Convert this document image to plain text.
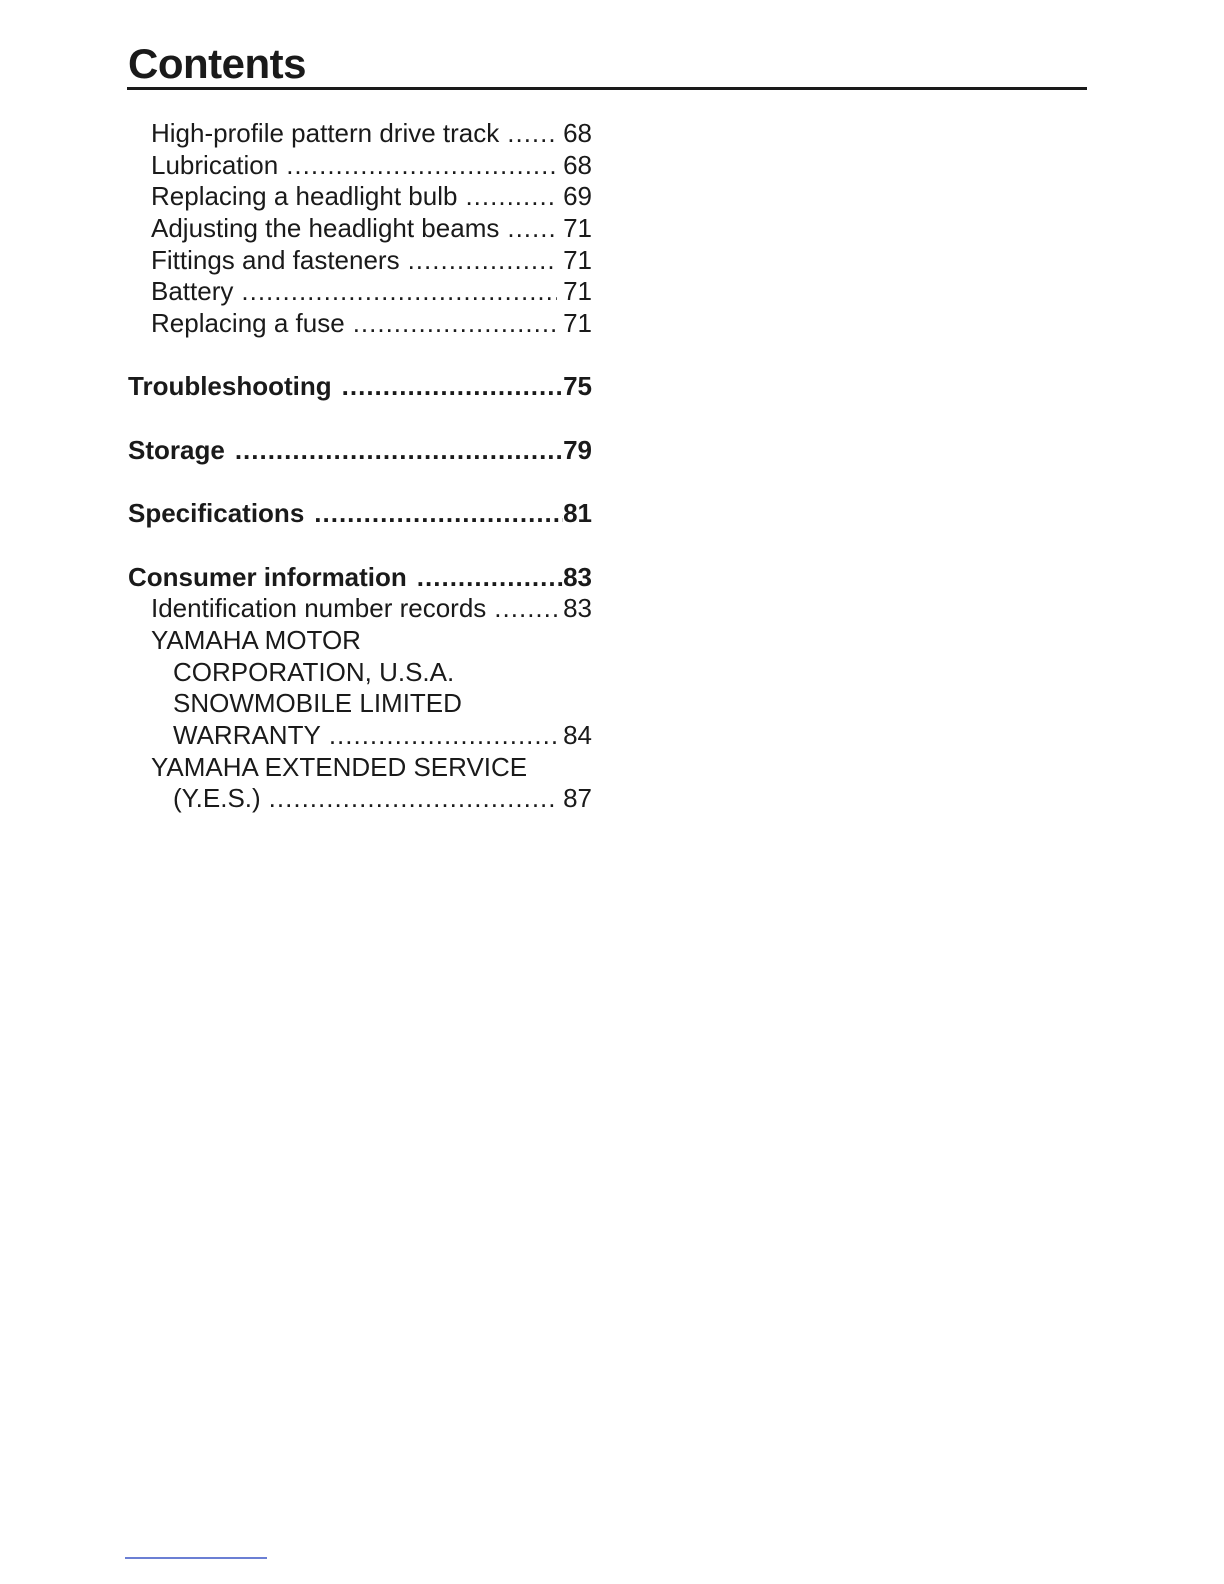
Contents
High-profile pattern drive track ..... 68
Lubrication .....	68
Replacing a headlight bulb .....	69
Adjusting the headlight beams ..... 71
Fittings and fasteners .....	71
Battery .....	71
Replacing a fuse .....	71
Troubleshooting .....	75
Storage .....	79
Specifications .....	81
Consumer information .....	83
Identification number records .....	83
YAMAHA MOTOR
CORPORATION, U.S.A.
SNOWMOBILE LIMITED
WARRANTY .....	84
YAMAHA EXTENDED SERVICE
(Y.E.S.) .....	87
